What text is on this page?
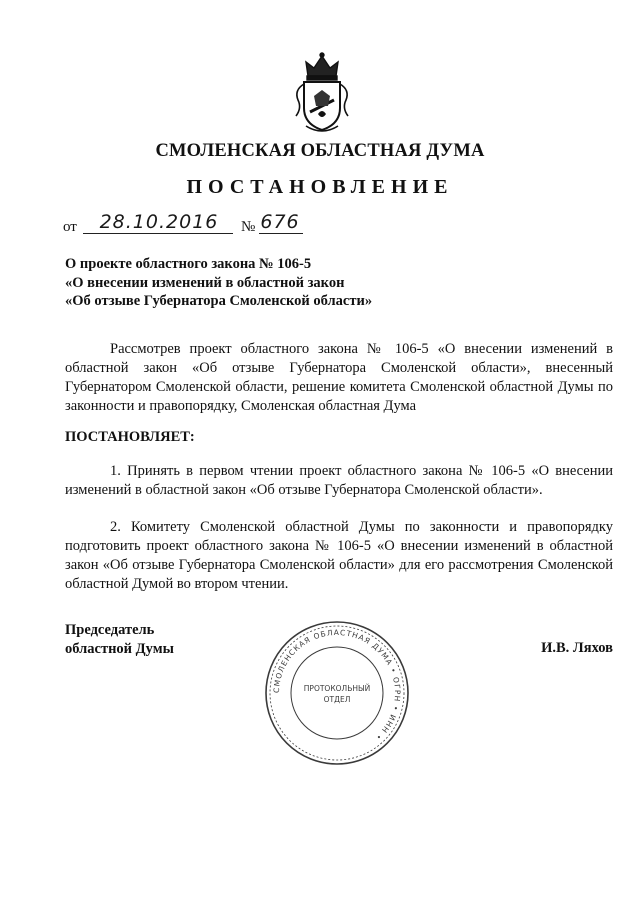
СМОЛЕНСКАЯ ОБЛАСТНАЯ ДУМА
ПОСТАНОВЛЕНИЕ
от	28.10.2016	№ 676
О проекте областного закона № 106-5
«О внесении изменений в областной закон
«Об отзыве Губернатора Смоленской области»
Рассмотрев проект областного закона № 106-5 «О внесении изменений в областной закон «Об отзыве Губернатора Смоленской области», внесенный Губернатором Смоленской области, решение комитета Смоленской областной Думы по законности и правопорядку, Смоленская областная Дума
ПОСТАНОВЛЯЕТ:
1. Принять в первом чтении проект областного закона № 106-5 «О внесении изменений в областной закон «Об отзыве Губернатора Смоленской области».
2. Комитету Смоленской областной Думы по законности и правопорядку подготовить проект областного закона № 106-5 «О внесении изменений в областной закон «Об отзыве Губернатора Смоленской области» для его рассмотрения Смоленской областной Думой во втором чтении.
Председатель
областной Думы	И.В. Ляхов
СМОЛЕНСКАЯ ОБЛАСТНАЯ ДУМА • ОГРН • ИНН •
ПРОТОКОЛЬНЫЙ
ОТДЕЛ
